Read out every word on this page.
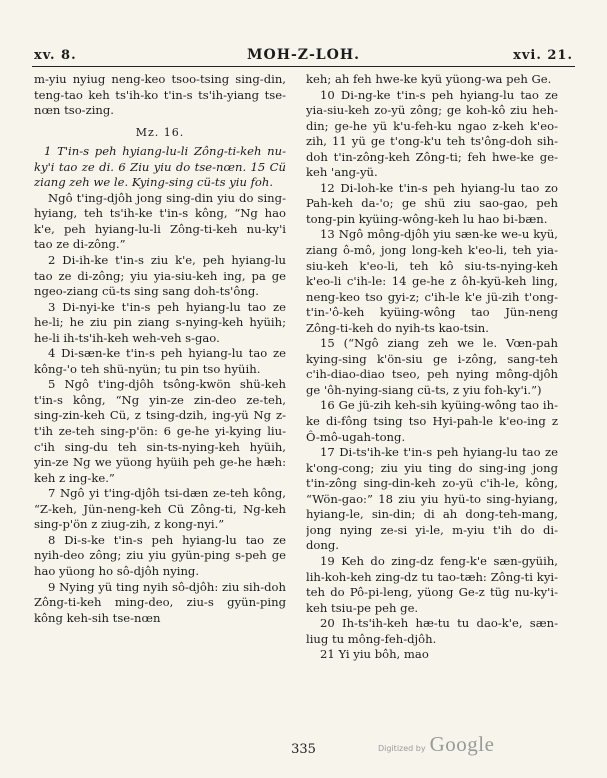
xv. 8.	MOH-Z-LOH.	xvi. 21.

m-yiu nyiug neng-keo tsoo-tsing sing-din, teng-tao keh ts'ih-ko t'in-s ts'ih-yiang tse-nœn tso-zing.

Mz. 16.

1 T'in-s peh hyiang-lu-li Zông-ti-keh nu-ky'i tao ze di. 6 Ziu yiu do tse-nœn. 15 Cü ziang zeh we le. Kying-sing cü-ts yiu foh.

Ngô t'ing-djôh jong sing-din yiu do sing-hyiang, teh ts'ih-ke t'in-s kông, “Ng hao k'e, peh hyiang-lu-li Zông-ti-keh nu-ky'i tao ze di-zông.”

2 Di-ih-ke t'in-s ziu k'e, peh hyiang-lu tao ze di-zông; yiu yia-siu-keh ing, pa ge ngeo-ziang cü-ts sing sang doh-ts'ông.

3 Di-nyi-ke t'in-s peh hyiang-lu tao ze he-li; he ziu pin ziang s-nying-keh hyüih; he-li ih-ts'ih-keh weh-veh s-gao.

4 Di-sæn-ke t'in-s peh hyiang-lu tao ze kông-'o teh shü-nyün; tu pin tso hyüih.

5 Ngô t'ing-djôh tsông-kwön shü-keh t'in-s kông, “Ng yin-ze zin-deo ze-teh, sing-zin-keh Cü, z tsing-dzih, ing-yü Ng z-t'ih ze-teh sing-p'ön: 6 ge-he yi-kying liu-c'ih sing-du teh sin-ts-nying-keh hyüih, yin-ze Ng we yüong hyüih peh ge-he hæh: keh z ing-ke.”

7 Ngô yi t'ing-djôh tsi-dæn ze-teh kông, “Z-keh, Jün-neng-keh Cü Zông-ti, Ng-keh sing-p'ön z ziug-zih, z kong-nyi.”

8 Di-s-ke t'in-s peh hyiang-lu tao ze nyih-deo zông; ziu yiu gyün-ping s-peh ge hao yüong ho sô-djôh nying.

9 Nying yü ting nyih sô-djôh: ziu sih-doh Zông-ti-keh ming-deo, ziu-s gyün-ping kông keh-sih tse-nœn

keh; ah feh hwe-ke kyü yüong-wa peh Ge.

10 Di-ng-ke t'in-s peh hyiang-lu tao ze yia-siu-keh zo-yü zông; ge koh-kô ziu heh-din; ge-he yü k'u-feh-ku ngao z-keh k'eo-zih, 11 yü ge t'ong-k'u teh ts'ông-doh sih-doh t'in-zông-keh Zông-ti; feh hwe-ke ge-keh 'ang-yü.

12 Di-loh-ke t'in-s peh hyiang-lu tao zo Pah-keh da-'o; ge shü ziu sao-gao, peh tong-pin kyüing-wông-keh lu hao bi-bæn.

13 Ngô mông-djôh yiu sæn-ke we-u kyü, ziang ô-mô, jong long-keh k'eo-li, teh yia-siu-keh k'eo-li, teh kô siu-ts-nying-keh k'eo-li c'ih-le: 14 ge-he z ôh-kyü-keh ling, neng-keo tso gyi-z; c'ih-le k'e jü-zih t'ong-t'in-'ô-keh kyüing-wông tao Jün-neng Zông-ti-keh do nyih-ts kao-tsin.

15 (“Ngô ziang zeh we le. Vœn-pah kying-sing k'ön-siu ge i-zông, sang-teh c'ih-diao-diao tseo, peh nying mông-djôh ge 'ôh-nying-siang cü-ts, z yiu foh-ky'i.”)

16 Ge jü-zih keh-sih kyüing-wông tao ih-ke di-fông tsing tso Hyi-pah-le k'eo-ing z Ô-mô-ugah-tong.

17 Di-ts'ih-ke t'in-s peh hyiang-lu tao ze k'ong-cong; ziu yiu ting do sing-ing jong t'in-zông sing-din-keh zo-yü c'ih-le, kông, “Wön-gao:” 18 ziu yiu hyü-to sing-hyiang, hyiang-le, sin-din; di ah dong-teh-mang, jong nying ze-si yi-le, m-yiu t'ih do di-dong.

19 Keh do zing-dz feng-k'e sæn-gyüih, lih-koh-keh zing-dz tu tao-tæh: Zông-ti kyi-teh do Pô-pi-leng, yüong Ge-z tüg nu-ky'i-keh tsiu-pe peh ge.

20 Ih-ts'ih-keh hæ-tu tu dao-k'e, sæn-liug tu mông-feh-djôh.

21 Yi yiu bôh, mao

335	Digitized by Google
